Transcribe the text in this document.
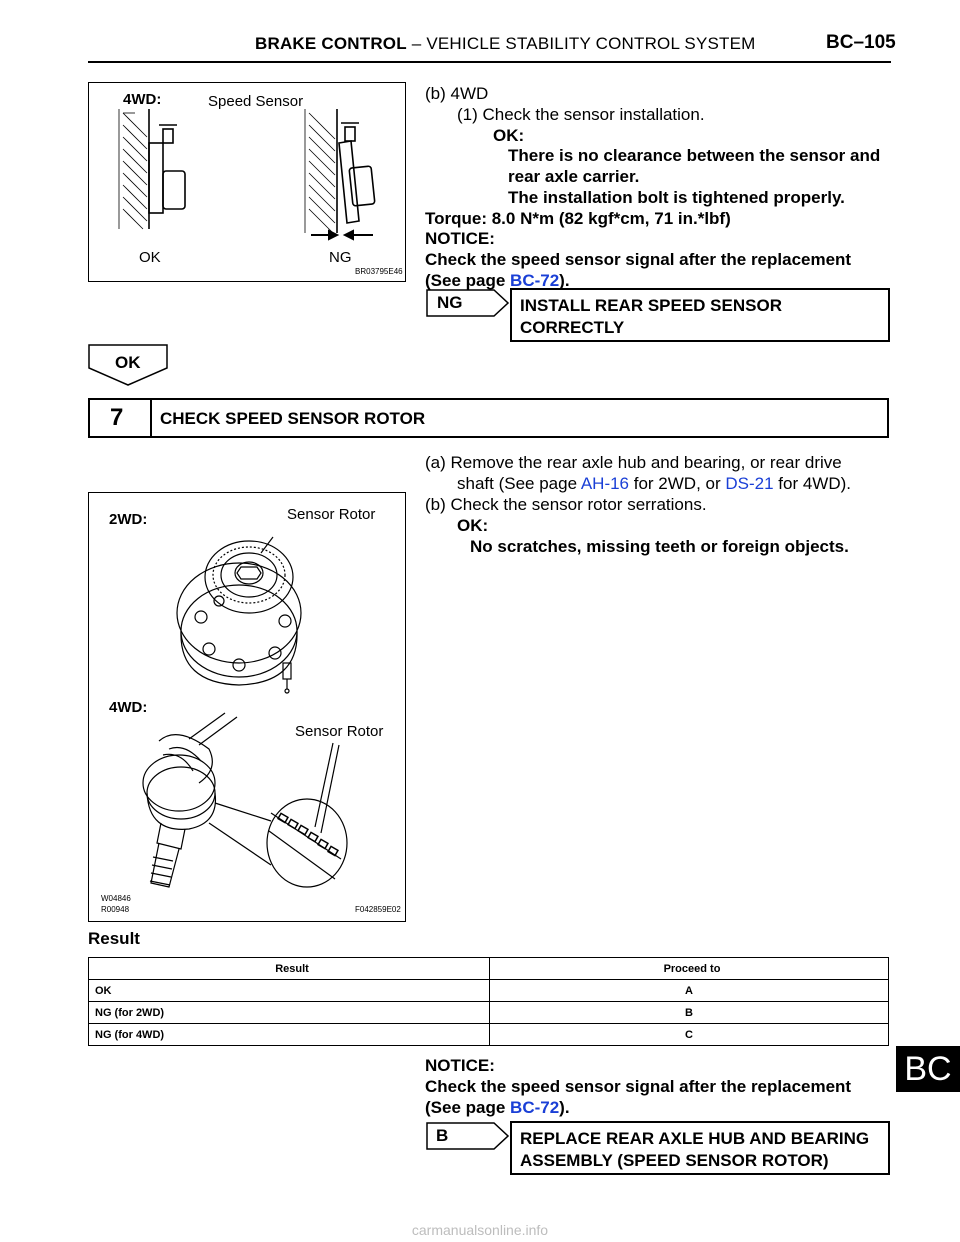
BRAKE CONTROL – VEHICLE STABILITY CONTROL SYSTEM	BC–105
4WD:	Speed Sensor
OK	NG
BR03795E46
(b) 4WD
(1) Check the sensor installation.
OK:
There is no clearance between the sensor and
rear axle carrier.
The installation bolt is tightened properly.
Torque: 8.0 N*m (82 kgf*cm, 71 in.*lbf)
NOTICE:
Check the speed sensor signal after the replacement
(See page BC-72).
NG	INSTALL REAR SPEED SENSOR
CORRECTLY
OK
7 CHECK SPEED SENSOR ROTOR
(a) Remove the rear axle hub and bearing, or rear drive
shaft (See page AH-16 for 2WD, or DS-21 for 4WD).
(b) Check the sensor rotor serrations.
OK:
No scratches, missing teeth or foreign objects.
2WD:	Sensor Rotor
4WD:
Sensor Rotor
W04846
R00948	F042859E02
Result
Result	Proceed to
OK	A
NG (for 2WD)	B
NG (for 4WD)	C
NOTICE:
Check the speed sensor signal after the replacement
(See page BC-72).
B	REPLACE REAR AXLE HUB AND BEARING
ASSEMBLY (SPEED SENSOR ROTOR)
BC
carmanualsonline.info
